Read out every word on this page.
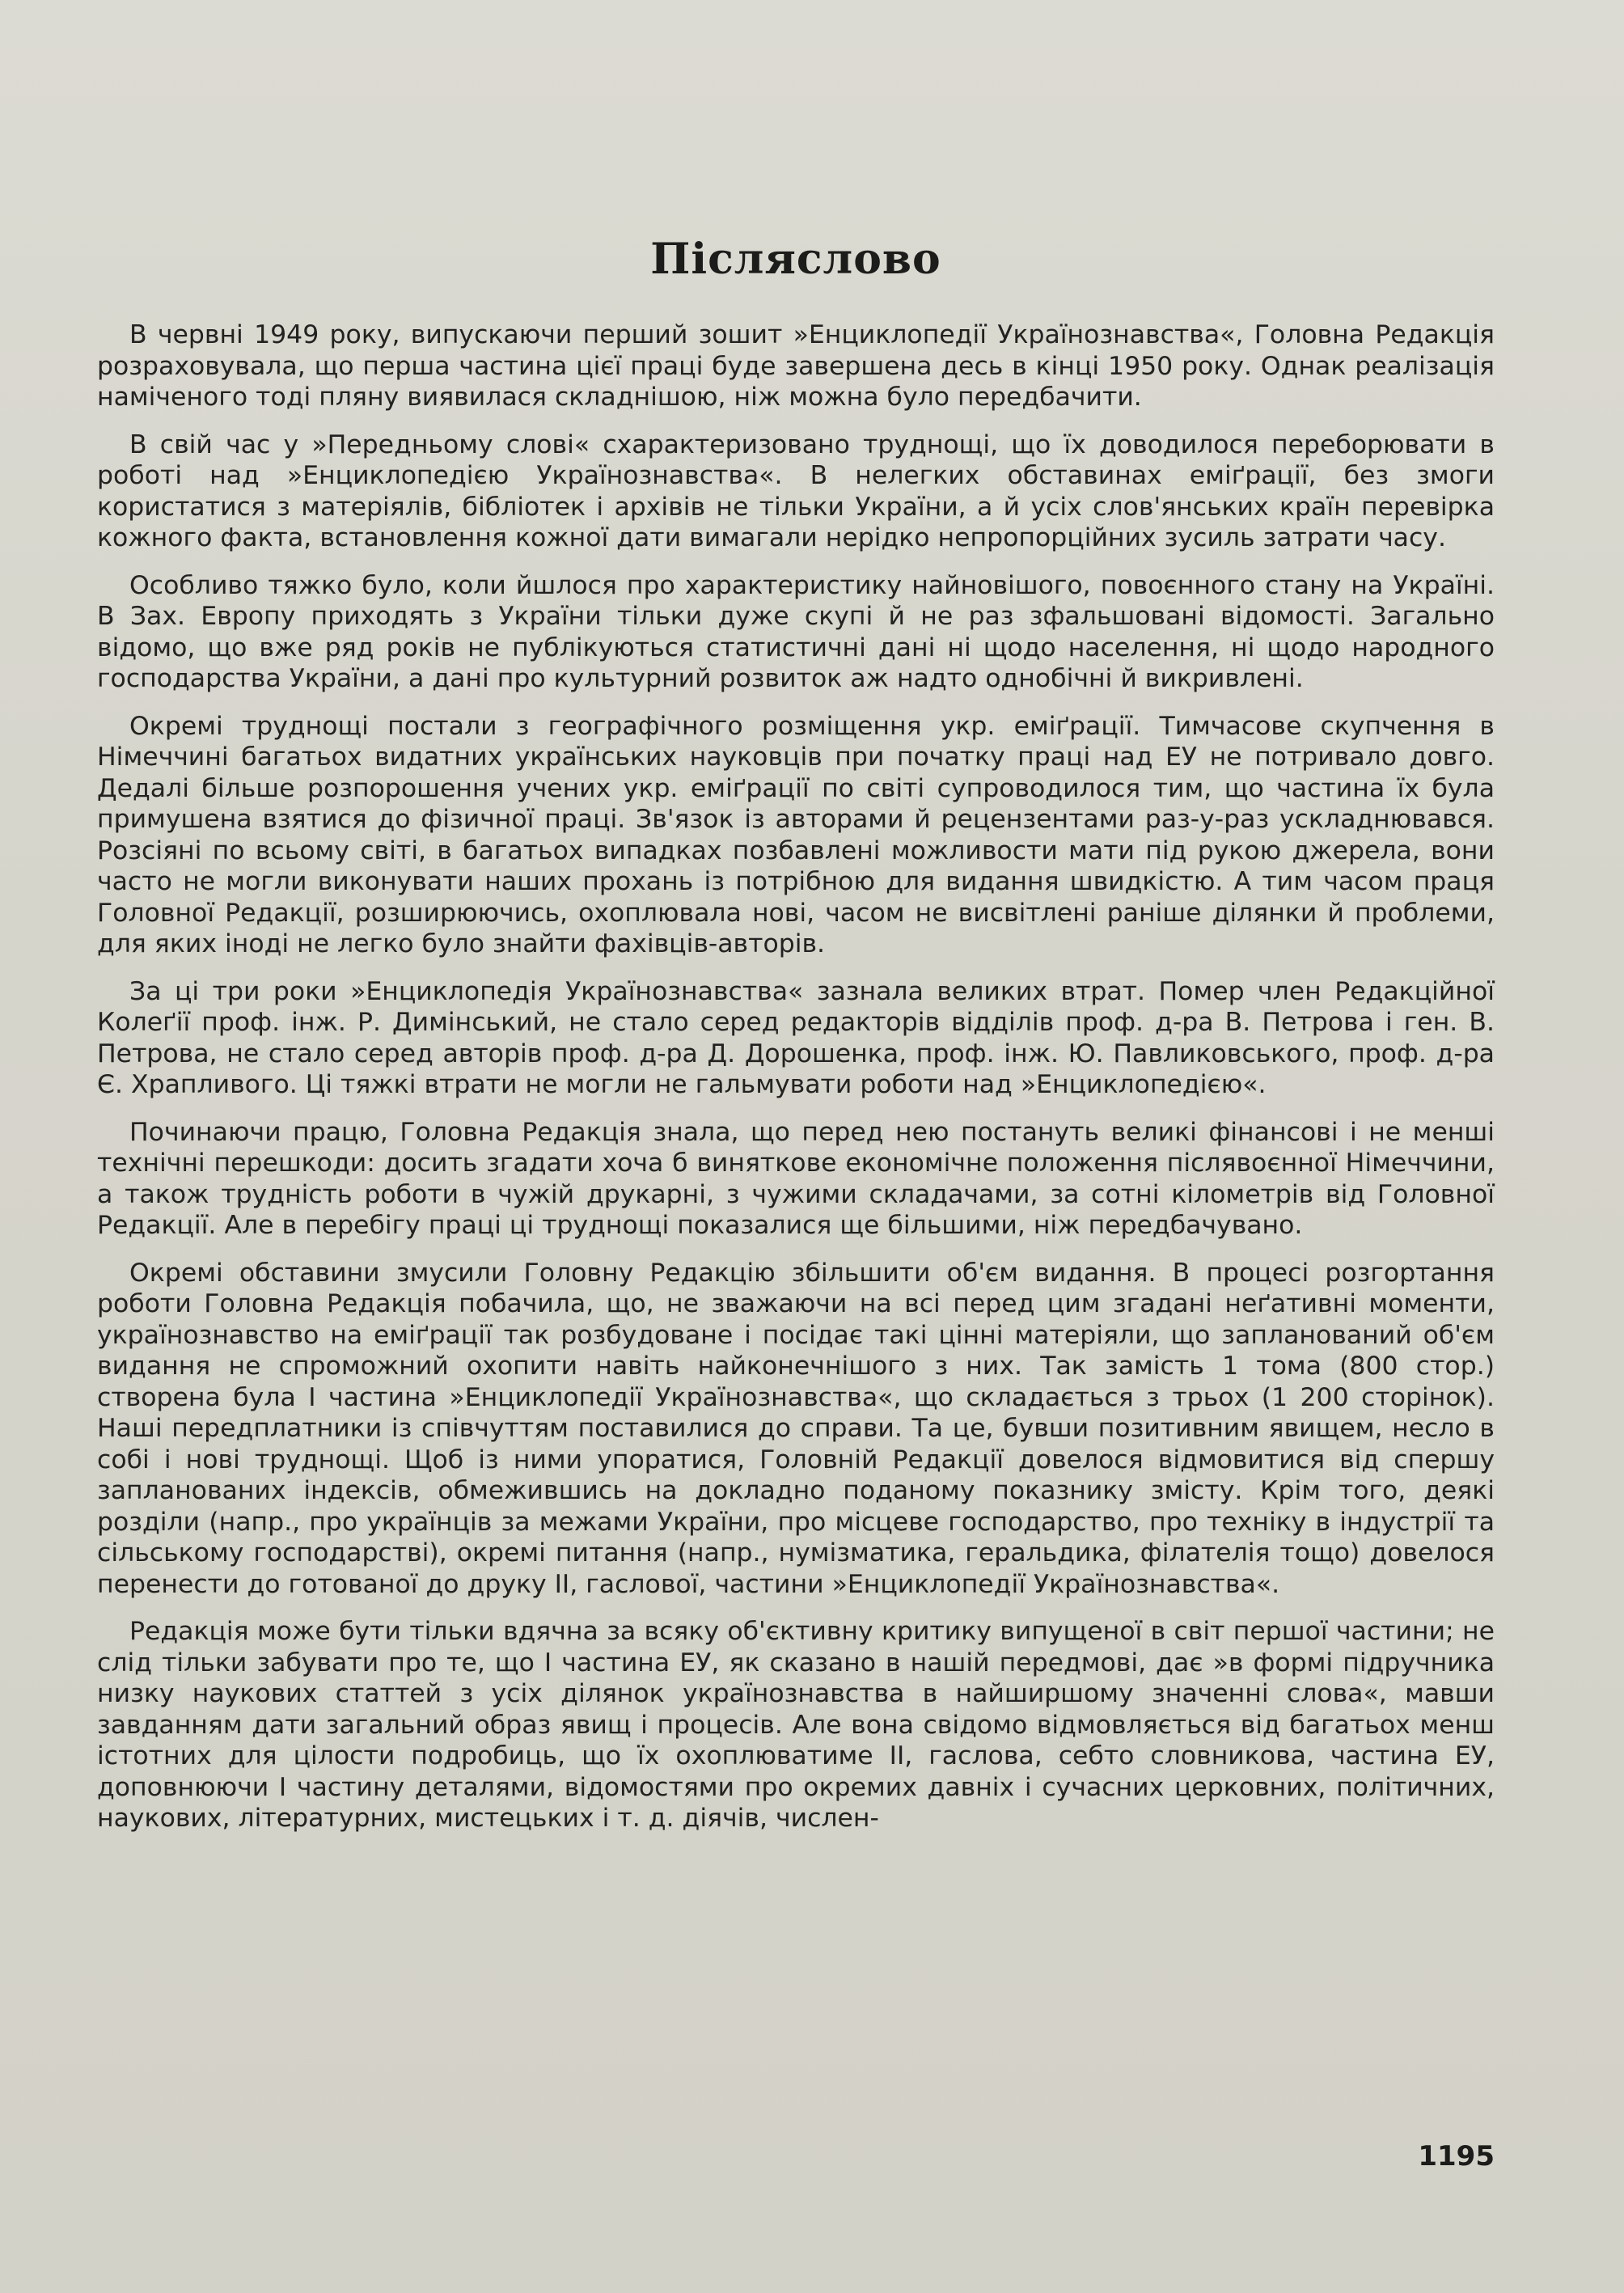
Післяслово

В червні 1949 року, випускаючи перший зошит »Енциклопедії Українознавства«, Головна Редакція розраховувала, що перша частина цієї праці буде завершена десь в кінці 1950 року. Однак реалізація наміченого тоді пляну виявилася складнішою, ніж можна було передбачити.

В свій час у »Передньому слові« схарактеризовано труднощі, що їх доводилося переборювати в роботі над »Енциклопедією Українознавства«. В нелегких обставинах еміґрації, без змоги користатися з матеріялів, бібліотек і архівів не тільки України, а й усіх слов'янських країн перевірка кожного факта, встановлення кожної дати вимагали нерідко непропорційних зусиль затрати часу.

Особливо тяжко було, коли йшлося про характеристику найновішого, повоєнного стану на Україні. В Зах. Европу приходять з України тільки дуже скупі й не раз зфальшовані відомості. Загально відомо, що вже ряд років не публікуються статистичні дані ні щодо населення, ні щодо народного господарства України, а дані про культурний розвиток аж надто однобічні й викривлені.

Окремі труднощі постали з географічного розміщення укр. еміґрації. Тимчасове скупчення в Німеччині багатьох видатних українських науковців при початку праці над ЕУ не потривало довго. Дедалі більше розпорошення учених укр. еміґрації по світі супроводилося тим, що частина їх була примушена взятися до фізичної праці. Зв'язок із авторами й рецензентами раз-у-раз ускладнювався. Розсіяні по всьому світі, в багатьох випадках позбавлені можливости мати під рукою джерела, вони часто не могли виконувати наших прохань із потрібною для видання швидкістю. А тим часом праця Головної Редакції, розширюючись, охоплювала нові, часом не висвітлені раніше ділянки й проблеми, для яких іноді не легко було знайти фахівців-авторів.

За ці три роки »Енциклопедія Українознавства« зазнала великих втрат. Помер член Редакційної Колеґії проф. інж. Р. Димінський, не стало серед редакторів відділів проф. д-ра В. Петрова і ген. В. Петрова, не стало серед авторів проф. д-ра Д. Дорошенка, проф. інж. Ю. Павликовського, проф. д-ра Є. Храпливого. Ці тяжкі втрати не могли не гальмувати роботи над »Енциклопедією«.

Починаючи працю, Головна Редакція знала, що перед нею постануть великі фінансові і не менші технічні перешкоди: досить згадати хоча б виняткове економічне положення післявоєнної Німеччини, а також трудність роботи в чужій друкарні, з чужими складачами, за сотні кілометрів від Головної Редакції. Але в перебігу праці ці труднощі показалися ще більшими, ніж передбачувано.

Окремі обставини змусили Головну Редакцію збільшити об'єм видання. В процесі розгортання роботи Головна Редакція побачила, що, не зважаючи на всі перед цим згадані неґативні моменти, українознавство на еміґрації так розбудоване і посідає такі цінні матеріяли, що запланований об'єм видання не спроможний охопити навіть найконечнішого з них. Так замість 1 тома (800 стор.) створена була I частина »Енциклопедії Українознавства«, що складається з трьох (1 200 сторінок). Наші передплатники із співчуттям поставилися до справи. Та це, бувши позитивним явищем, несло в собі і нові труднощі. Щоб із ними упоратися, Головній Редакції довелося відмовитися від спершу запланованих індексів, обмежившись на докладно поданому показнику змісту. Крім того, деякі розділи (напр., про українців за межами України, про місцеве господарство, про техніку в індустрії та сільському господарстві), окремі питання (напр., нумізматика, геральдика, філателія тощо) довелося перенести до готованої до друку II, гаслової, частини »Енциклопедії Українознавства«.

Редакція може бути тільки вдячна за всяку об'єктивну критику випущеної в світ першої частини; не слід тільки забувати про те, що I частина ЕУ, як сказано в нашій передмові, дає »в формі підручника низку наукових статтей з усіх ділянок українознавства в найширшому значенні слова«, мавши завданням дати загальний образ явищ і процесів. Але вона свідомо відмовляється від багатьох менш істотних для цілости подробиць, що їх охоплюватиме II, гаслова, себто словникова, частина ЕУ, доповнюючи I частину деталями, відомостями про окремих давніх і сучасних церковних, політичних, наукових, літературних, мистецьких і т. д. діячів, числен-

1195
